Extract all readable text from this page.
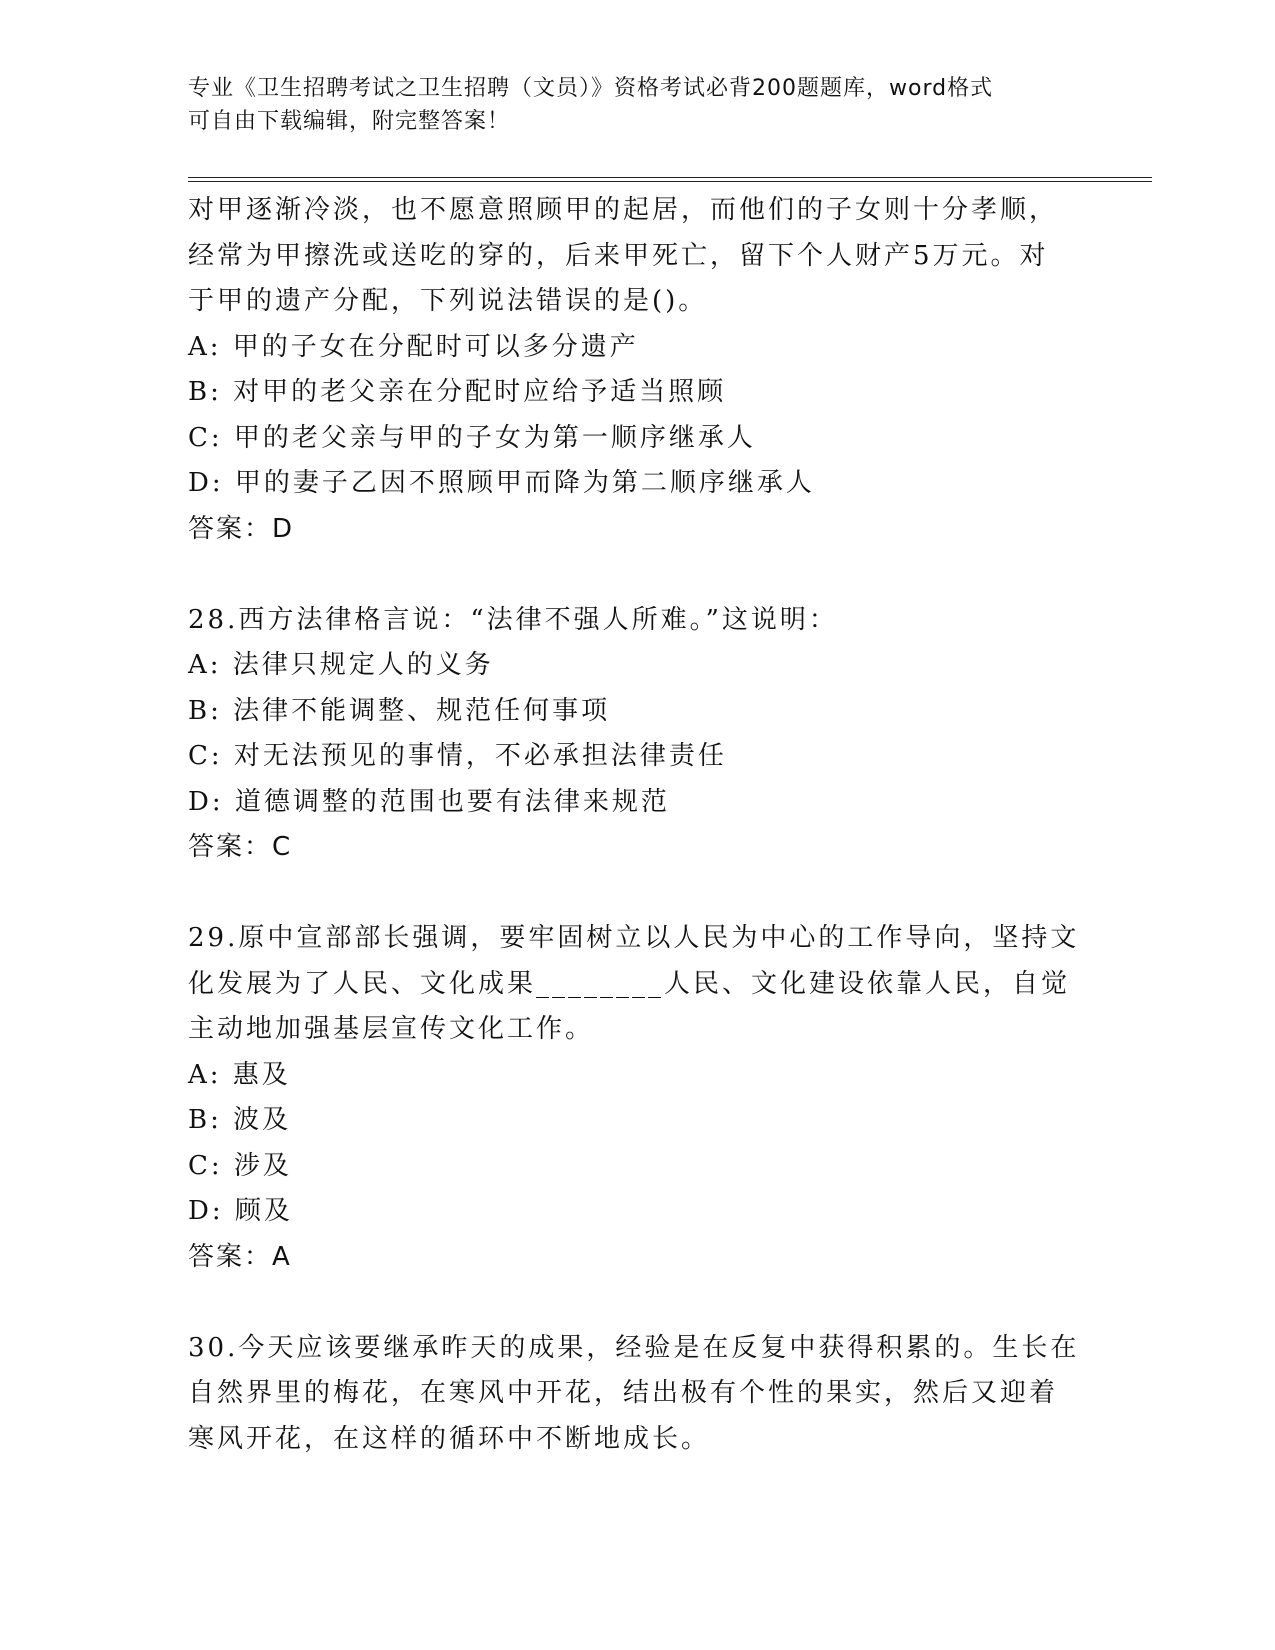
专业《卫生招聘考试之卫生招聘（文员）》资格考试必背200题题库，word格式
可自由下载编辑，附完整答案！
对甲逐渐冷淡，也不愿意照顾甲的起居，而他们的子女则十分孝顺，
经常为甲擦洗或送吃的穿的，后来甲死亡，留下个人财产5万元。对
于甲的遗产分配，下列说法错误的是()。
A: 甲的子女在分配时可以多分遗产
B: 对甲的老父亲在分配时应给予适当照顾
C: 甲的老父亲与甲的子女为第一顺序继承人
D: 甲的妻子乙因不照顾甲而降为第二顺序继承人
答案：D
28.西方法律格言说：“法律不强人所难。”这说明：
A: 法律只规定人的义务
B: 法律不能调整、规范任何事项
C: 对无法预见的事情，不必承担法律责任
D: 道德调整的范围也要有法律来规范
答案：C
29.原中宣部部长强调，要牢固树立以人民为中心的工作导向，坚持文
化发展为了人民、文化成果________人民、文化建设依靠人民，自觉
主动地加强基层宣传文化工作。
A: 惠及
B: 波及
C: 涉及
D: 顾及
答案：A
30.今天应该要继承昨天的成果，经验是在反复中获得积累的。生长在
自然界里的梅花，在寒风中开花，结出极有个性的果实，然后又迎着
寒风开花，在这样的循环中不断地成长。
